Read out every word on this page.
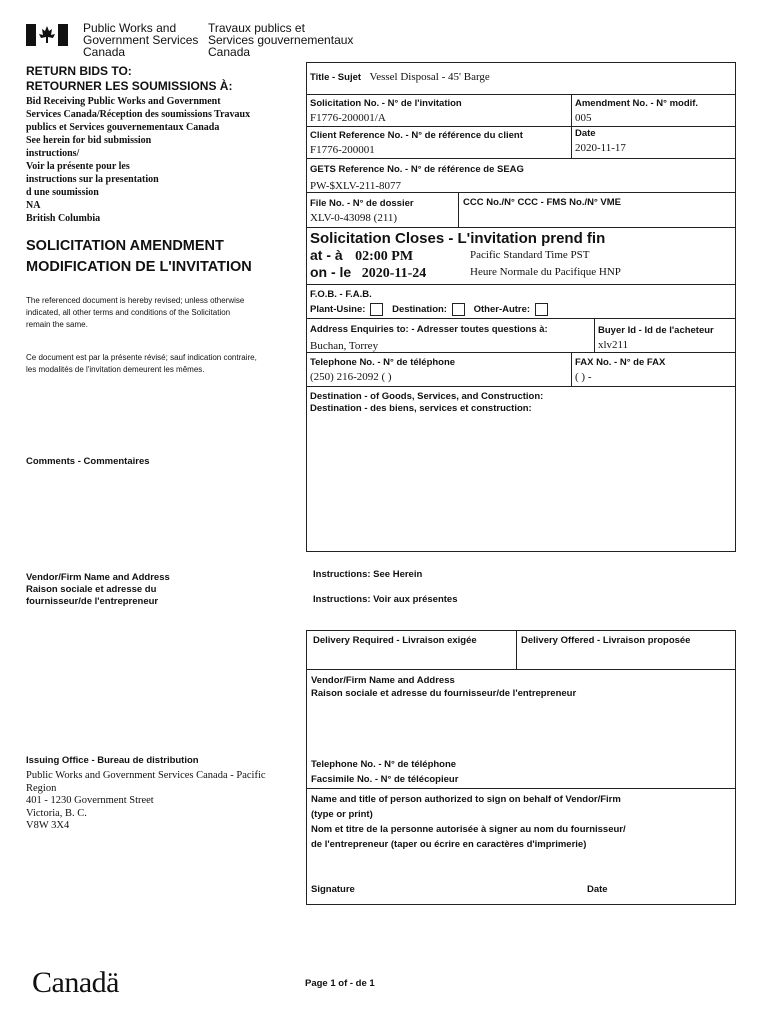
Public Works and
Government Services
Canada
Travaux publics et
Services gouvernementaux
Canada
RETURN BIDS TO:
RETOURNER LES SOUMISSIONS À:
Bid Receiving Public Works and Government
Services Canada/Réception des soumissions Travaux
publics et Services gouvernementaux Canada
See herein for bid submission
instructions/
Voir la présente pour les
instructions sur la presentation
d une soumission
NA
British Columbia
SOLICITATION AMENDMENT
MODIFICATION DE L'INVITATION
The referenced document is hereby revised; unless otherwise
indicated, all other terms and conditions of the Solicitation
remain the same.
Ce document est par la présente révisé; sauf indication contraire,
les modalités de l'invitation demeurent les mêmes.
Comments - Commentaires
Vendor/Firm Name and Address
Raison sociale et adresse du
fournisseur/de l'entrepreneur
Issuing Office - Bureau de distribution
Public Works and Government Services Canada - Pacific
Region
401 - 1230 Government Street
Victoria, B. C.
V8W 3X4
Title - Sujet Vessel Disposal - 45' Barge
Solicitation No. - N° de l'invitation
F1776-200001/A
Amendment No. - N° modif.
005
Client Reference No. - N° de référence du client
F1776-200001
Date
2020-11-17
GETS Reference No. - N° de référence de SEAG
PW-$XLV-211-8077
File No. - N° de dossier
XLV-0-43098 (211)
CCC No./N° CCC - FMS No./N° VME
Solicitation Closes - L'invitation prend fin
at - à 02:00 PM	Pacific Standard Time PST
on - le 2020-11-24	Heure Normale du Pacifique HNP
F.O.B. - F.A.B.
Plant-Usine:	Destination:	Other-Autre:
Address Enquiries to: - Adresser toutes questions à:
Buchan, Torrey
Buyer Id - Id de l'acheteur
xlv211
Telephone No. - N° de téléphone
(250) 216-2092 ( )
FAX No. - N° de FAX
( ) -
Destination - of Goods, Services, and Construction:
Destination - des biens, services et construction:
Instructions: See Herein
Instructions: Voir aux présentes
Delivery Required - Livraison exigée	Delivery Offered - Livraison proposée
Vendor/Firm Name and Address
Raison sociale et adresse du fournisseur/de l'entrepreneur
Telephone No. - N° de téléphone
Facsimile No. - N° de télécopieur
Name and title of person authorized to sign on behalf of Vendor/Firm
(type or print)
Nom et titre de la personne autorisée à signer au nom du fournisseur/
de l'entrepreneur (taper ou écrire en caractères d'imprimerie)
Signature	Date
Canadä	Page 1 of - de 1
